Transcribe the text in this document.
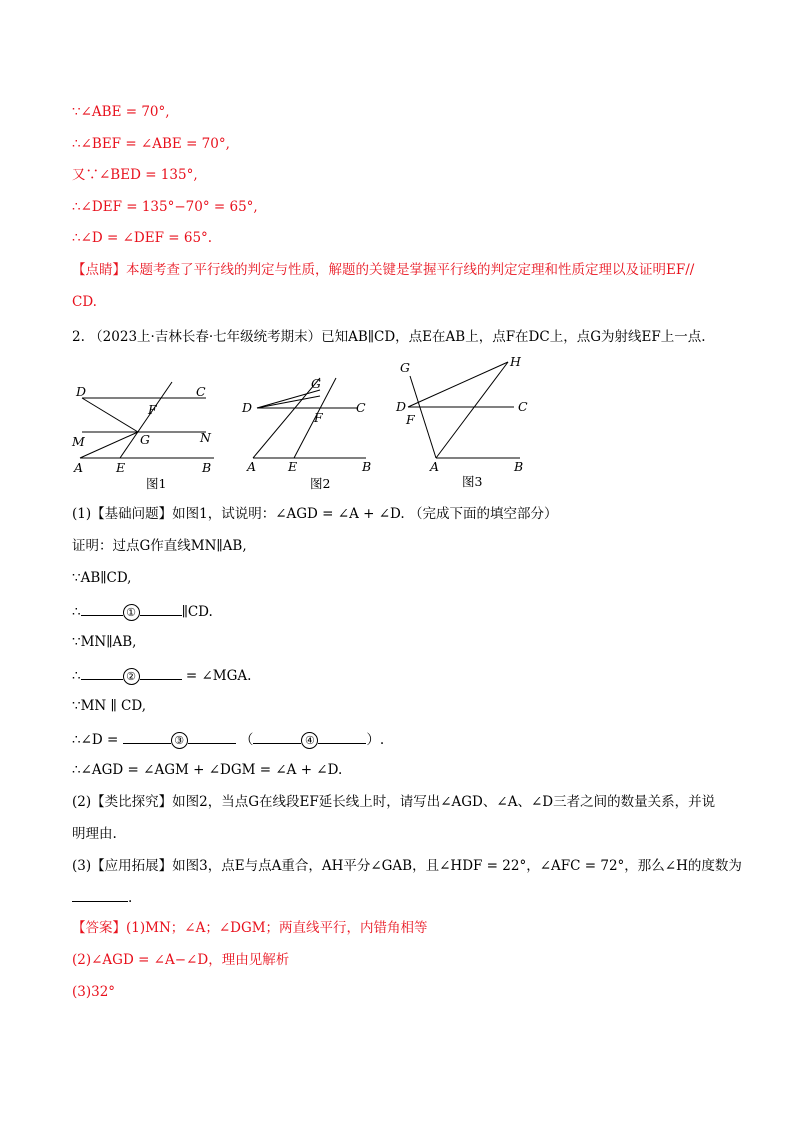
∵∠ABE = 70°,
∴∠BEF = ∠ABE = 70°,
又∵∠BED = 135°,
∴∠DEF = 135°−70° = 65°,
∴∠D = ∠DEF = 65°.
【点睛】本题考查了平行线的判定与性质，解题的关键是掌握平行线的判定定理和性质定理以及证明EF//
CD.
2. （2023上·吉林长春·七年级统考期末）已知AB∥CD，点E在AB上，点F在DC上，点G为射线EF上一点.
D	C
F
M	G	N
A	E	B
图1
G
D	C
F
A	E	B
图2
G	H
D	C
F
A	B
图3
(1)【基础问题】如图1，试说明：∠AGD = ∠A + ∠D. （完成下面的填空部分）
证明：过点G作直线MN∥AB,
∵AB∥CD,
∴	①	∥CD.
∵MN∥AB,
∴	②	= ∠MGA.
∵MN ∥ CD,
∴∠D =	③	（	④	）.
∴∠AGD = ∠AGM + ∠DGM = ∠A + ∠D.
(2)【类比探究】如图2，当点G在线段EF延长线上时，请写出∠AGD、∠A、∠D三者之间的数量关系，并说
明理由.
(3)【应用拓展】如图3，点E与点A重合，AH平分∠GAB，且∠HDF = 22°，∠AFC = 72°，那么∠H的度数为
.
【答案】(1)MN；∠A；∠DGM；两直线平行，内错角相等
(2)∠AGD = ∠A−∠D，理由见解析
(3)32°
